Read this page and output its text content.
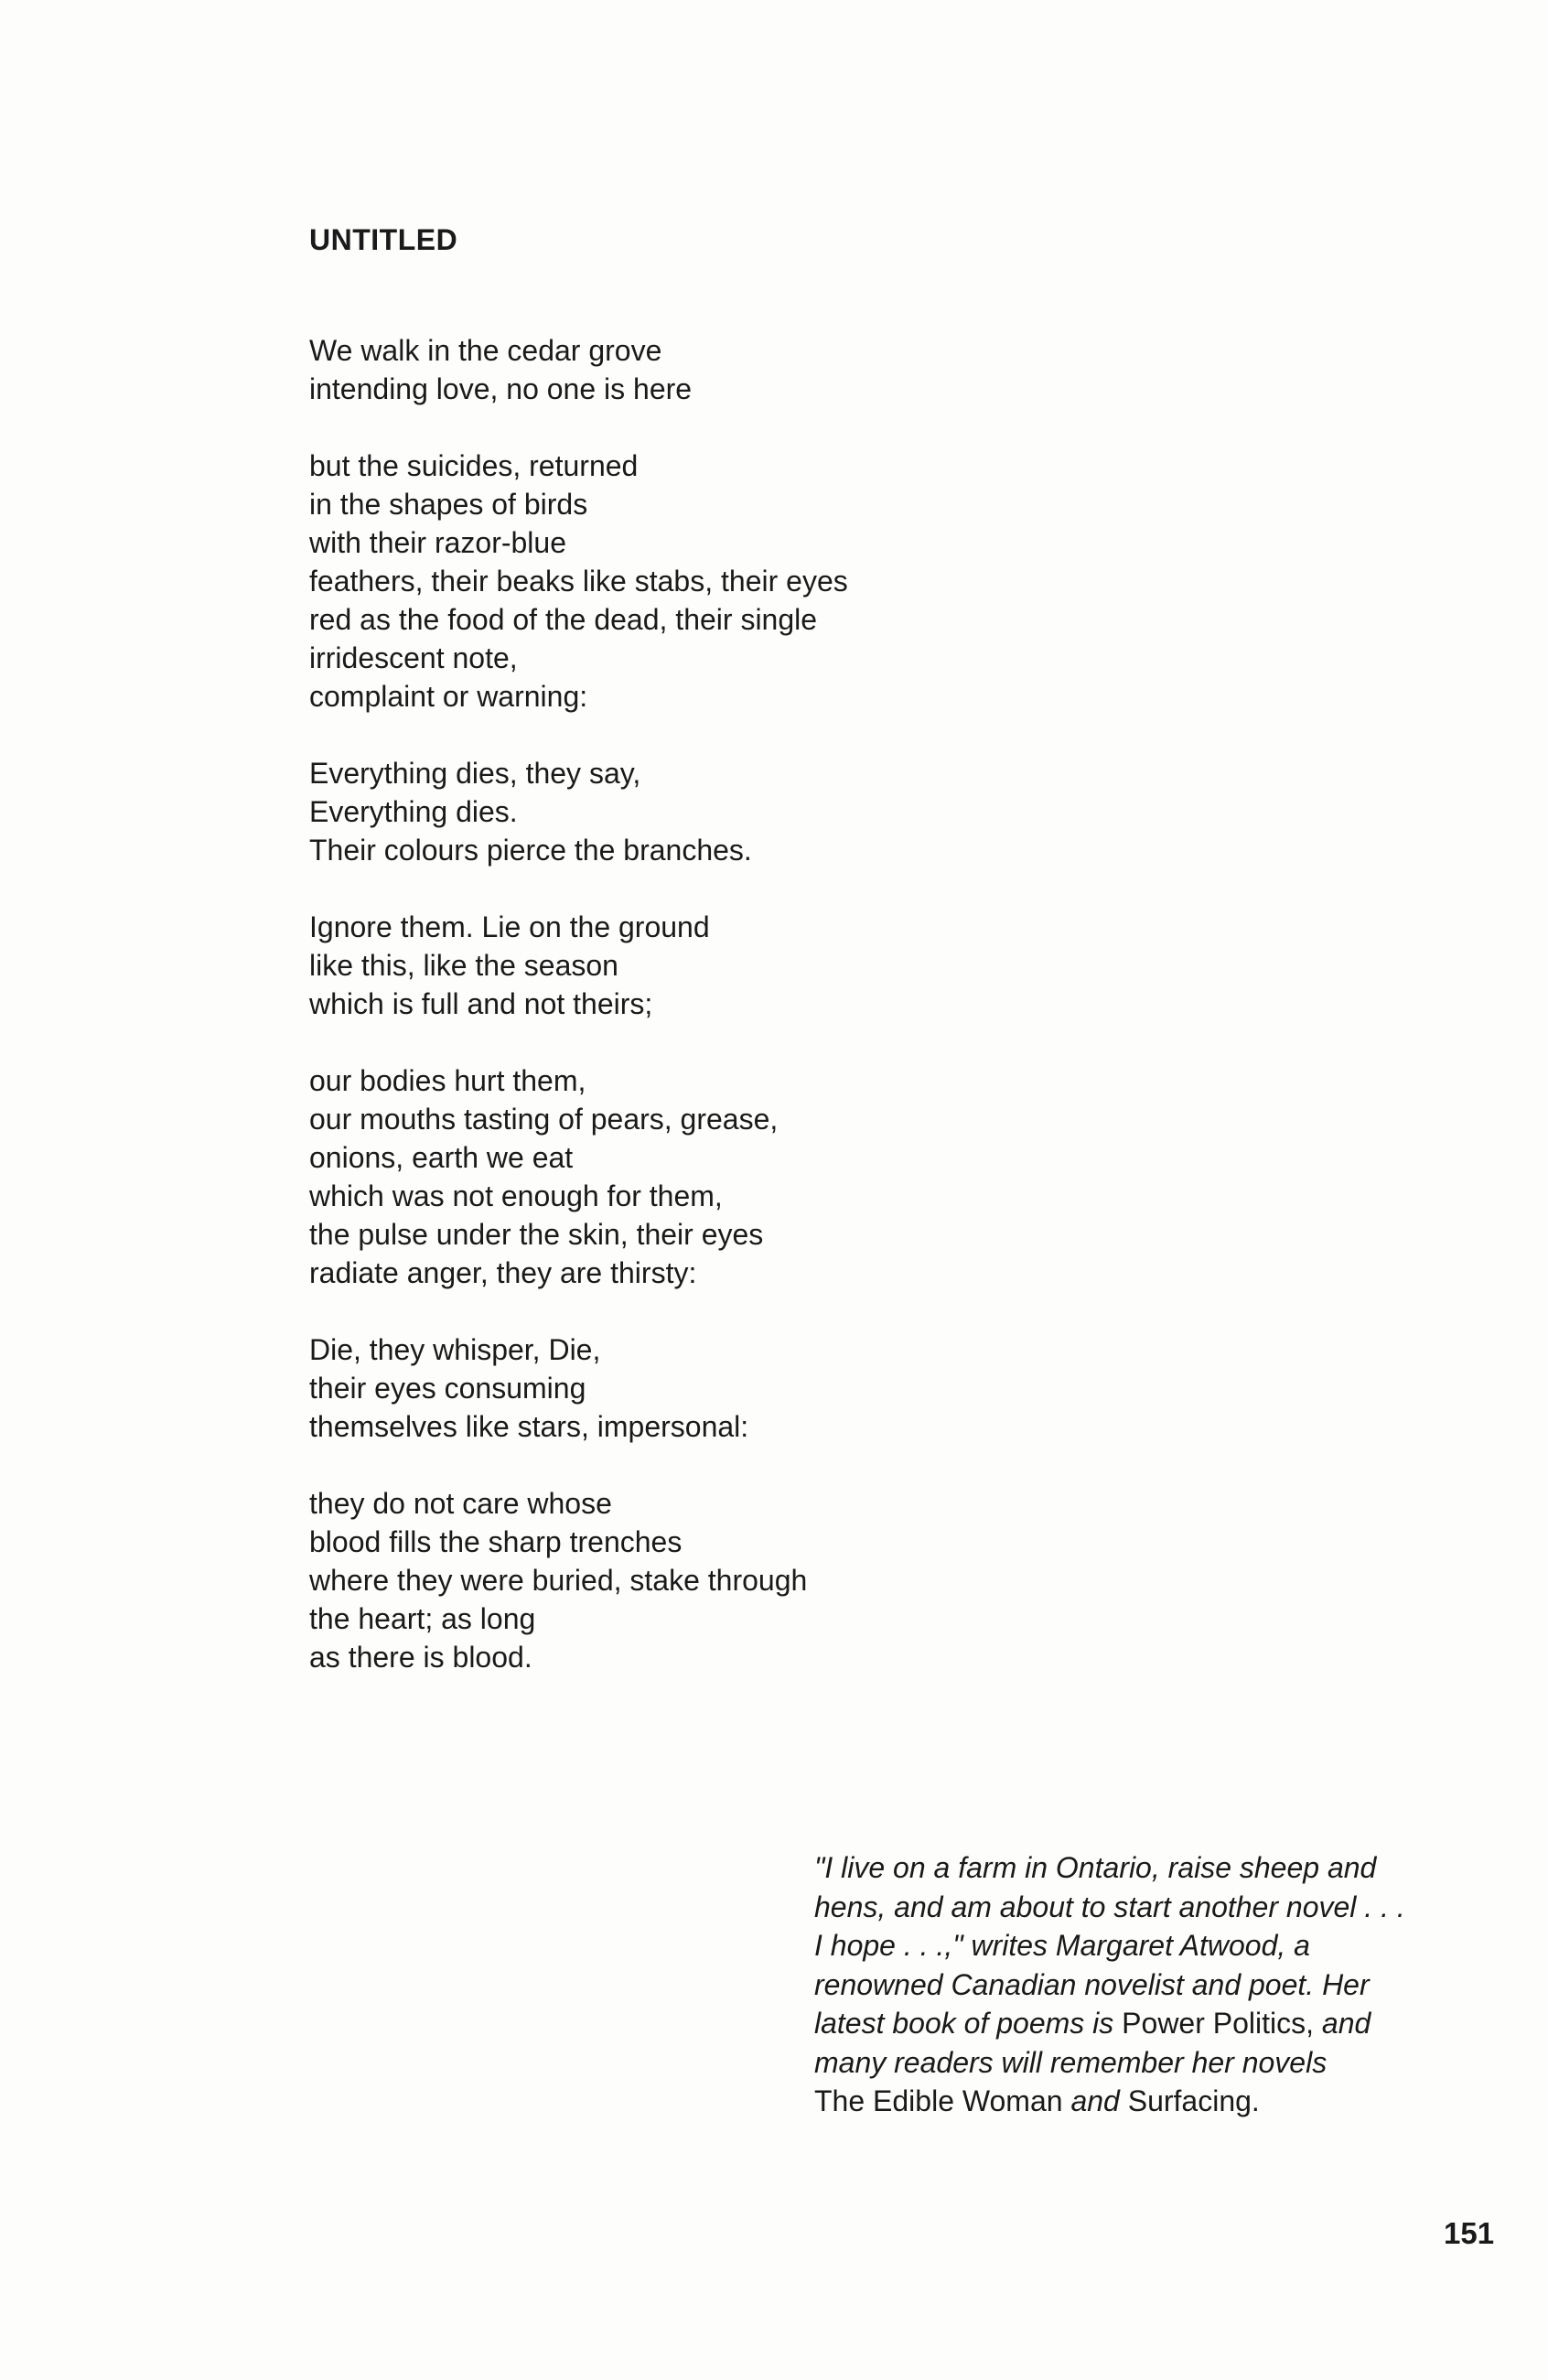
UNTITLED
We walk in the cedar grove
intending love, no one is here
but the suicides, returned
in the shapes of birds
with their razor-blue
feathers, their beaks like stabs, their eyes
red as the food of the dead, their single
irridescent note,
complaint or warning:
Everything dies, they say,
Everything dies.
Their colours pierce the branches.
Ignore them. Lie on the ground
like this, like the season
which is full and not theirs;
our bodies hurt them,
our mouths tasting of pears, grease,
onions, earth we eat
which was not enough for them,
the pulse under the skin, their eyes
radiate anger, they are thirsty:
Die, they whisper, Die,
their eyes consuming
themselves like stars, impersonal:
they do not care whose
blood fills the sharp trenches
where they were buried, stake through
the heart; as long
as there is blood.
"I live on a farm in Ontario, raise sheep and
hens, and am about to start another novel . . .
I hope . . .," writes Margaret Atwood, a
renowned Canadian novelist and poet. Her
latest book of poems is Power Politics, and
many readers will remember her novels
The Edible Woman and Surfacing.
151
